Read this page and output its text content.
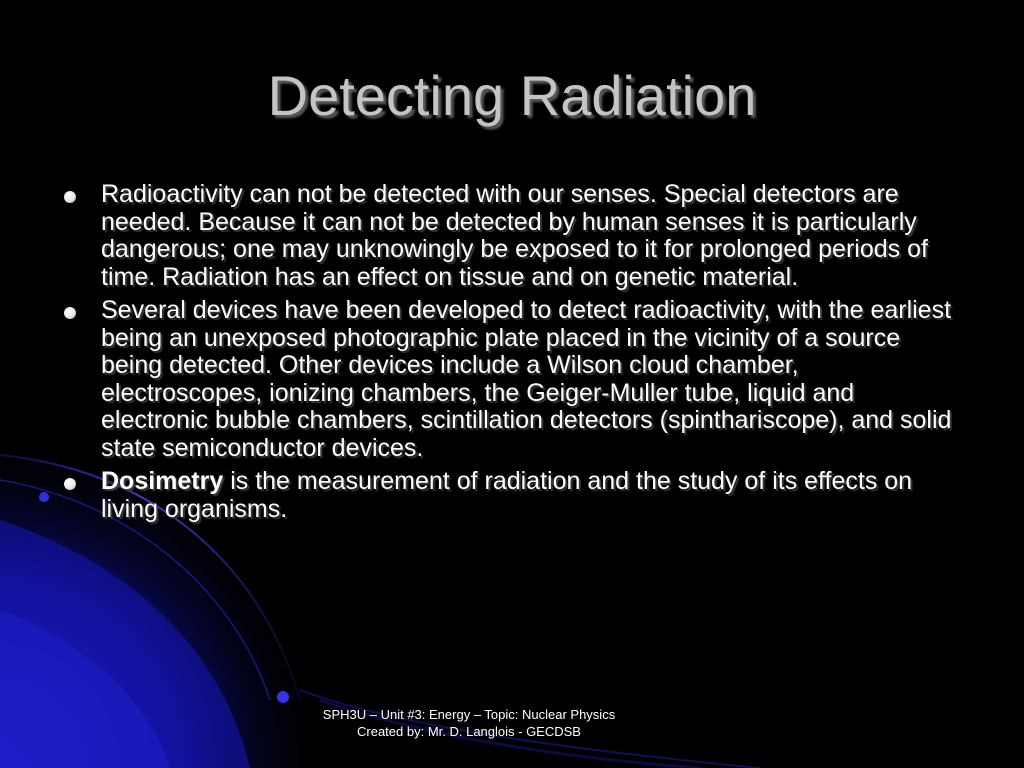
Detecting Radiation
Radioactivity can not be detected with our senses. Special detectors are needed. Because it can not be detected by human senses it is particularly dangerous; one may unknowingly be exposed to it for prolonged periods of time. Radiation has an effect on tissue and on genetic material.
Several devices have been developed to detect radioactivity, with the earliest being an unexposed photographic plate placed in the vicinity of a source being detected. Other devices include a Wilson cloud chamber, electroscopes, ionizing chambers, the Geiger-Muller tube, liquid and electronic bubble chambers, scintillation detectors (spinthariscope), and solid state semiconductor devices.
Dosimetry is the measurement of radiation and the study of its effects on living organisms.
SPH3U – Unit #3: Energy – Topic: Nuclear Physics
Created by: Mr. D. Langlois - GECDSB
